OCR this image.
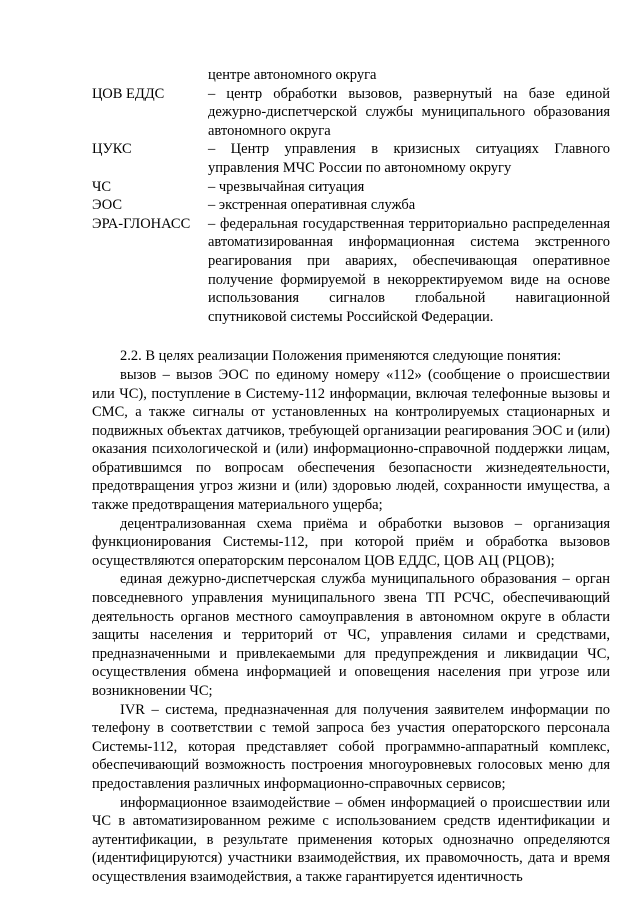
центре автономного округа
ЦОВ ЕДДС	– центр обработки вызовов, развернутый на базе единой дежурно-диспетчерской службы муниципального образования автономного округа
ЦУКС	– Центр управления в кризисных ситуациях Главного управления МЧС России по автономному округу
ЧС	– чрезвычайная ситуация
ЭОС	– экстренная оперативная служба
ЭРА-ГЛОНАСС	– федеральная государственная территориально распределенная автоматизированная информационная система экстренного реагирования при авариях, обеспечивающая оперативное получение формируемой в некорректируемом виде на основе использования сигналов глобальной навигационной спутниковой системы Российской Федерации.

2.2. В целях реализации Положения применяются следующие понятия:

вызов – вызов ЭОС по единому номеру «112» (сообщение о происшествии или ЧС), поступление в Систему-112 информации, включая телефонные вызовы и СМС, а также сигналы от установленных на контролируемых стационарных и подвижных объектах датчиков, требующей организации реагирования ЭОС и (или) оказания психологической и (или) информационно-справочной поддержки лицам, обратившимся по вопросам обеспечения безопасности жизнедеятельности, предотвращения угроз жизни и (или) здоровью людей, сохранности имущества, а также предотвращения материального ущерба;

децентрализованная схема приёма и обработки вызовов – организация функционирования Системы-112, при которой приём и обработка вызовов осуществляются операторским персоналом ЦОВ ЕДДС, ЦОВ АЦ (РЦОВ);

единая дежурно-диспетчерская служба муниципального образования – орган повседневного управления муниципального звена ТП РСЧС, обеспечивающий деятельность органов местного самоуправления в автономном округе в области защиты населения и территорий от ЧС, управления силами и средствами, предназначенными и привлекаемыми для предупреждения и ликвидации ЧС, осуществления обмена информацией и оповещения населения при угрозе или возникновении ЧС;

IVR – система, предназначенная для получения заявителем информации по телефону в соответствии с темой запроса без участия операторского персонала Системы-112, которая представляет собой программно-аппаратный комплекс, обеспечивающий возможность построения многоуровневых голосовых меню для предоставления различных информационно-справочных сервисов;

информационное взаимодействие – обмен информацией о происшествии или ЧС в автоматизированном режиме с использованием средств идентификации и аутентификации, в результате применения которых однозначно определяются (идентифицируются) участники взаимодействия, их правомочность, дата и время осуществления взаимодействия, а также гарантируется идентичность
